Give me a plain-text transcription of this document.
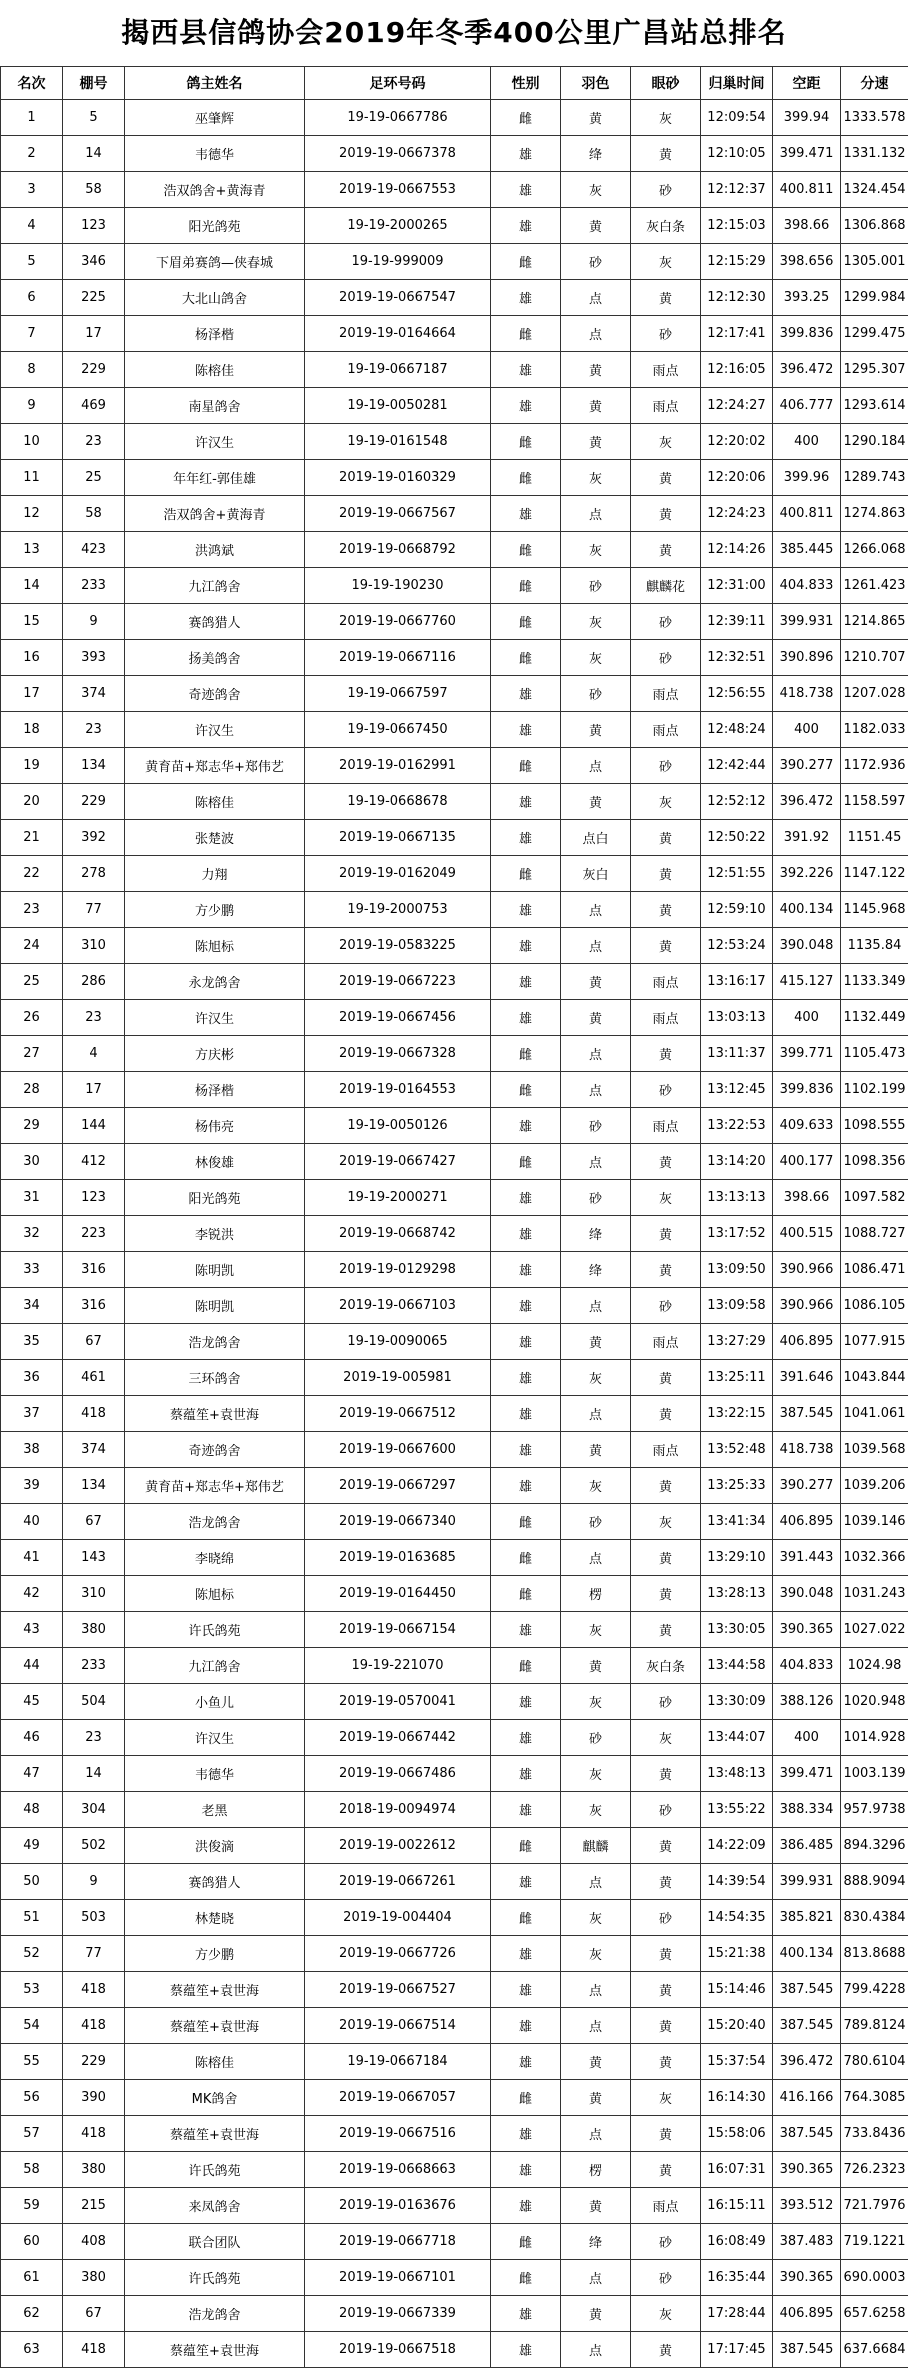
揭西县信鸽协会2019年冬季400公里广昌站总排名
名次	棚号	鸽主姓名	足环号码	性别	羽色	眼砂	归巢时间	空距	分速
1	5	巫肇辉	19-19-0667786	雌	黄	灰	12:09:54	399.94	1333.578
2	14	韦德华	2019-19-0667378	雄	绛	黄	12:10:05	399.471	1331.132
3	58	浩双鸽舍+黄海青	2019-19-0667553	雄	灰	砂	12:12:37	400.811	1324.454
4	123	阳光鸽苑	19-19-2000265	雄	黄	灰白条	12:15:03	398.66	1306.868
5	346	下眉弟赛鸽—侠春城	19-19-999009	雌	砂	灰	12:15:29	398.656	1305.001
6	225	大北山鸽舍	2019-19-0667547	雄	点	黄	12:12:30	393.25	1299.984
7	17	杨泽楷	2019-19-0164664	雌	点	砂	12:17:41	399.836	1299.475
8	229	陈榕佳	19-19-0667187	雄	黄	雨点	12:16:05	396.472	1295.307
9	469	南星鸽舍	19-19-0050281	雄	黄	雨点	12:24:27	406.777	1293.614
10	23	许汉生	19-19-0161548	雌	黄	灰	12:20:02	400	1290.184
11	25	年年红-郭佳雄	2019-19-0160329	雌	灰	黄	12:20:06	399.96	1289.743
12	58	浩双鸽舍+黄海青	2019-19-0667567	雄	点	黄	12:24:23	400.811	1274.863
13	423	洪鸿斌	2019-19-0668792	雌	灰	黄	12:14:26	385.445	1266.068
14	233	九江鸽舍	19-19-190230	雌	砂	麒麟花	12:31:00	404.833	1261.423
15	9	赛鸽猎人	2019-19-0667760	雌	灰	砂	12:39:11	399.931	1214.865
16	393	扬美鸽舍	2019-19-0667116	雌	灰	砂	12:32:51	390.896	1210.707
17	374	奇迹鸽舍	19-19-0667597	雄	砂	雨点	12:56:55	418.738	1207.028
18	23	许汉生	19-19-0667450	雄	黄	雨点	12:48:24	400	1182.033
19	134	黄育苗+郑志华+郑伟艺	2019-19-0162991	雌	点	砂	12:42:44	390.277	1172.936
20	229	陈榕佳	19-19-0668678	雄	黄	灰	12:52:12	396.472	1158.597
21	392	张楚波	2019-19-0667135	雄	点白	黄	12:50:22	391.92	1151.45
22	278	力翔	2019-19-0162049	雌	灰白	黄	12:51:55	392.226	1147.122
23	77	方少鹏	19-19-2000753	雄	点	黄	12:59:10	400.134	1145.968
24	310	陈旭标	2019-19-0583225	雄	点	黄	12:53:24	390.048	1135.84
25	286	永龙鸽舍	2019-19-0667223	雄	黄	雨点	13:16:17	415.127	1133.349
26	23	许汉生	2019-19-0667456	雄	黄	雨点	13:03:13	400	1132.449
27	4	方庆彬	2019-19-0667328	雌	点	黄	13:11:37	399.771	1105.473
28	17	杨泽楷	2019-19-0164553	雌	点	砂	13:12:45	399.836	1102.199
29	144	杨伟亮	19-19-0050126	雄	砂	雨点	13:22:53	409.633	1098.555
30	412	林俊雄	2019-19-0667427	雌	点	黄	13:14:20	400.177	1098.356
31	123	阳光鸽苑	19-19-2000271	雄	砂	灰	13:13:13	398.66	1097.582
32	223	李锐洪	2019-19-0668742	雄	绛	黄	13:17:52	400.515	1088.727
33	316	陈明凯	2019-19-0129298	雄	绛	黄	13:09:50	390.966	1086.471
34	316	陈明凯	2019-19-0667103	雄	点	砂	13:09:58	390.966	1086.105
35	67	浩龙鸽舍	19-19-0090065	雄	黄	雨点	13:27:29	406.895	1077.915
36	461	三环鸽舍	2019-19-005981	雄	灰	黄	13:25:11	391.646	1043.844
37	418	蔡蕴笙+袁世海	2019-19-0667512	雄	点	黄	13:22:15	387.545	1041.061
38	374	奇迹鸽舍	2019-19-0667600	雄	黄	雨点	13:52:48	418.738	1039.568
39	134	黄育苗+郑志华+郑伟艺	2019-19-0667297	雄	灰	黄	13:25:33	390.277	1039.206
40	67	浩龙鸽舍	2019-19-0667340	雌	砂	灰	13:41:34	406.895	1039.146
41	143	李晓绵	2019-19-0163685	雌	点	黄	13:29:10	391.443	1032.366
42	310	陈旭标	2019-19-0164450	雌	楞	黄	13:28:13	390.048	1031.243
43	380	许氏鸽苑	2019-19-0667154	雄	灰	黄	13:30:05	390.365	1027.022
44	233	九江鸽舍	19-19-221070	雌	黄	灰白条	13:44:58	404.833	1024.98
45	504	小鱼儿	2019-19-0570041	雄	灰	砂	13:30:09	388.126	1020.948
46	23	许汉生	2019-19-0667442	雄	砂	灰	13:44:07	400	1014.928
47	14	韦德华	2019-19-0667486	雄	灰	黄	13:48:13	399.471	1003.139
48	304	老黑	2018-19-0094974	雄	灰	砂	13:55:22	388.334	957.9738
49	502	洪俊滴	2019-19-0022612	雌	麒麟	黄	14:22:09	386.485	894.3296
50	9	赛鸽猎人	2019-19-0667261	雄	点	黄	14:39:54	399.931	888.9094
51	503	林楚晓	2019-19-004404	雌	灰	砂	14:54:35	385.821	830.4384
52	77	方少鹏	2019-19-0667726	雄	灰	黄	15:21:38	400.134	813.8688
53	418	蔡蕴笙+袁世海	2019-19-0667527	雄	点	黄	15:14:46	387.545	799.4228
54	418	蔡蕴笙+袁世海	2019-19-0667514	雄	点	黄	15:20:40	387.545	789.8124
55	229	陈榕佳	19-19-0667184	雄	黄	黄	15:37:54	396.472	780.6104
56	390	MK鸽舍	2019-19-0667057	雌	黄	灰	16:14:30	416.166	764.3085
57	418	蔡蕴笙+袁世海	2019-19-0667516	雄	点	黄	15:58:06	387.545	733.8436
58	380	许氏鸽苑	2019-19-0668663	雄	楞	黄	16:07:31	390.365	726.2323
59	215	来凤鸽舍	2019-19-0163676	雄	黄	雨点	16:15:11	393.512	721.7976
60	408	联合团队	2019-19-0667718	雌	绛	砂	16:08:49	387.483	719.1221
61	380	许氏鸽苑	2019-19-0667101	雌	点	砂	16:35:44	390.365	690.0003
62	67	浩龙鸽舍	2019-19-0667339	雄	黄	灰	17:28:44	406.895	657.6258
63	418	蔡蕴笙+袁世海	2019-19-0667518	雄	点	黄	17:17:45	387.545	637.6684
